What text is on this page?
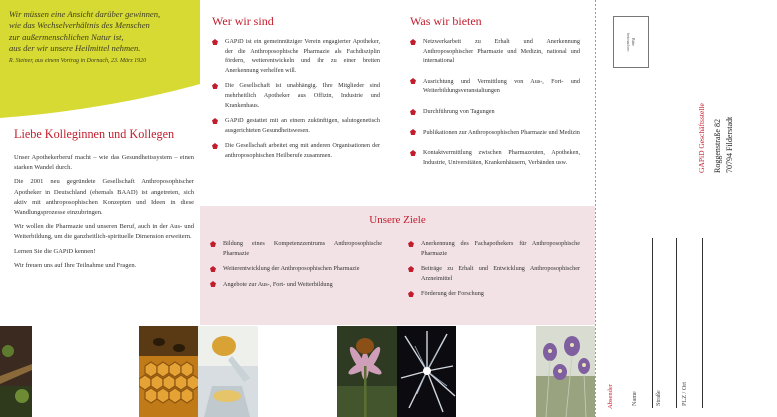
Wir müssen eine Ansicht darüber gewinnen,
wie das Wechselverhältnis des Menschen
zur außermenschlichen Natur ist,
aus der wir unsere Heilmittel nehmen.
R. Steiner, aus einem Vortrag in Dornach, 23. März 1920
Liebe Kolleginnen und Kollegen

Unser Apothekerberuf macht – wie das Gesundheitssystem – einen starken Wandel durch.

Die 2001 neu gegründete Gesellschaft Anthroposophischer Apotheker in Deutschland (ehemals BAAD) ist angetreten, sich aktiv mit anthroposophischen Konzepten und Ideen in diese Wandlungsprozesse einzubringen.

Wir wollen die Pharmazie und unseren Beruf, auch in der Aus- und Weiterbildung, um die ganzheitlich-spirituelle Dimension erweitern.

Lernen Sie die GAPiD kennen!

Wir freuen uns auf Ihre Teilnahme und Fragen.

Wer wir sind
GAPiD ist ein gemeinnütziger Verein engagierter Apotheker, der die Anthroposophische Pharmazie als Fachdisziplin fördern, weiterentwickeln und ihr zu einer breiten Anerkennung verhelfen will.
Die Gesellschaft ist unabhängig. Ihre Mitglieder sind mehrheitlich Apotheker aus Offizin, Industrie und Krankenhaus.
GAPiD gestattet mit an einem zukünftigen, salutogenetisch ausgerichteten Gesundheitswesen.
Die Gesellschaft arbeitet eng mit anderen Organisationen der anthroposophischen Heilberufe zusammen.
Was wir bieten
Netzwerkarbeit zu Erhalt und Anerkennung Anthroposophischer Pharmazie und Medizin, national und international
Ausrichtung und Vermittlung von Aus-, Fort- und Weiterbildungsveranstaltungen
Durchführung von Tagungen
Publikationen zur Anthroposophischen Pharmazie und Medizin
Kontaktvermittlung zwischen Pharmazeuten, Apotheken, Industrie, Universitäten, Krankenhäusern, Verbänden usw.
Unsere Ziele
Bildung eines Kompetenzzentrums Anthroposophische Pharmazie
Weiterentwicklung der Anthroposophischen Pharmazie
Angebote zur Aus-, Fort- und Weiterbildung
Anerkennung des Fachapothekers für Anthroposophische Pharmazie
Beiträge zu Erhalt und Entwicklung Anthroposophischer Arzneimittel
Förderung der Forschung
Bitte
freimachen
GAPiD Geschäftsstelle Roggenstraße 82 70794 Filderstadt
Absender	Name	Straße	PLZ / Ort
